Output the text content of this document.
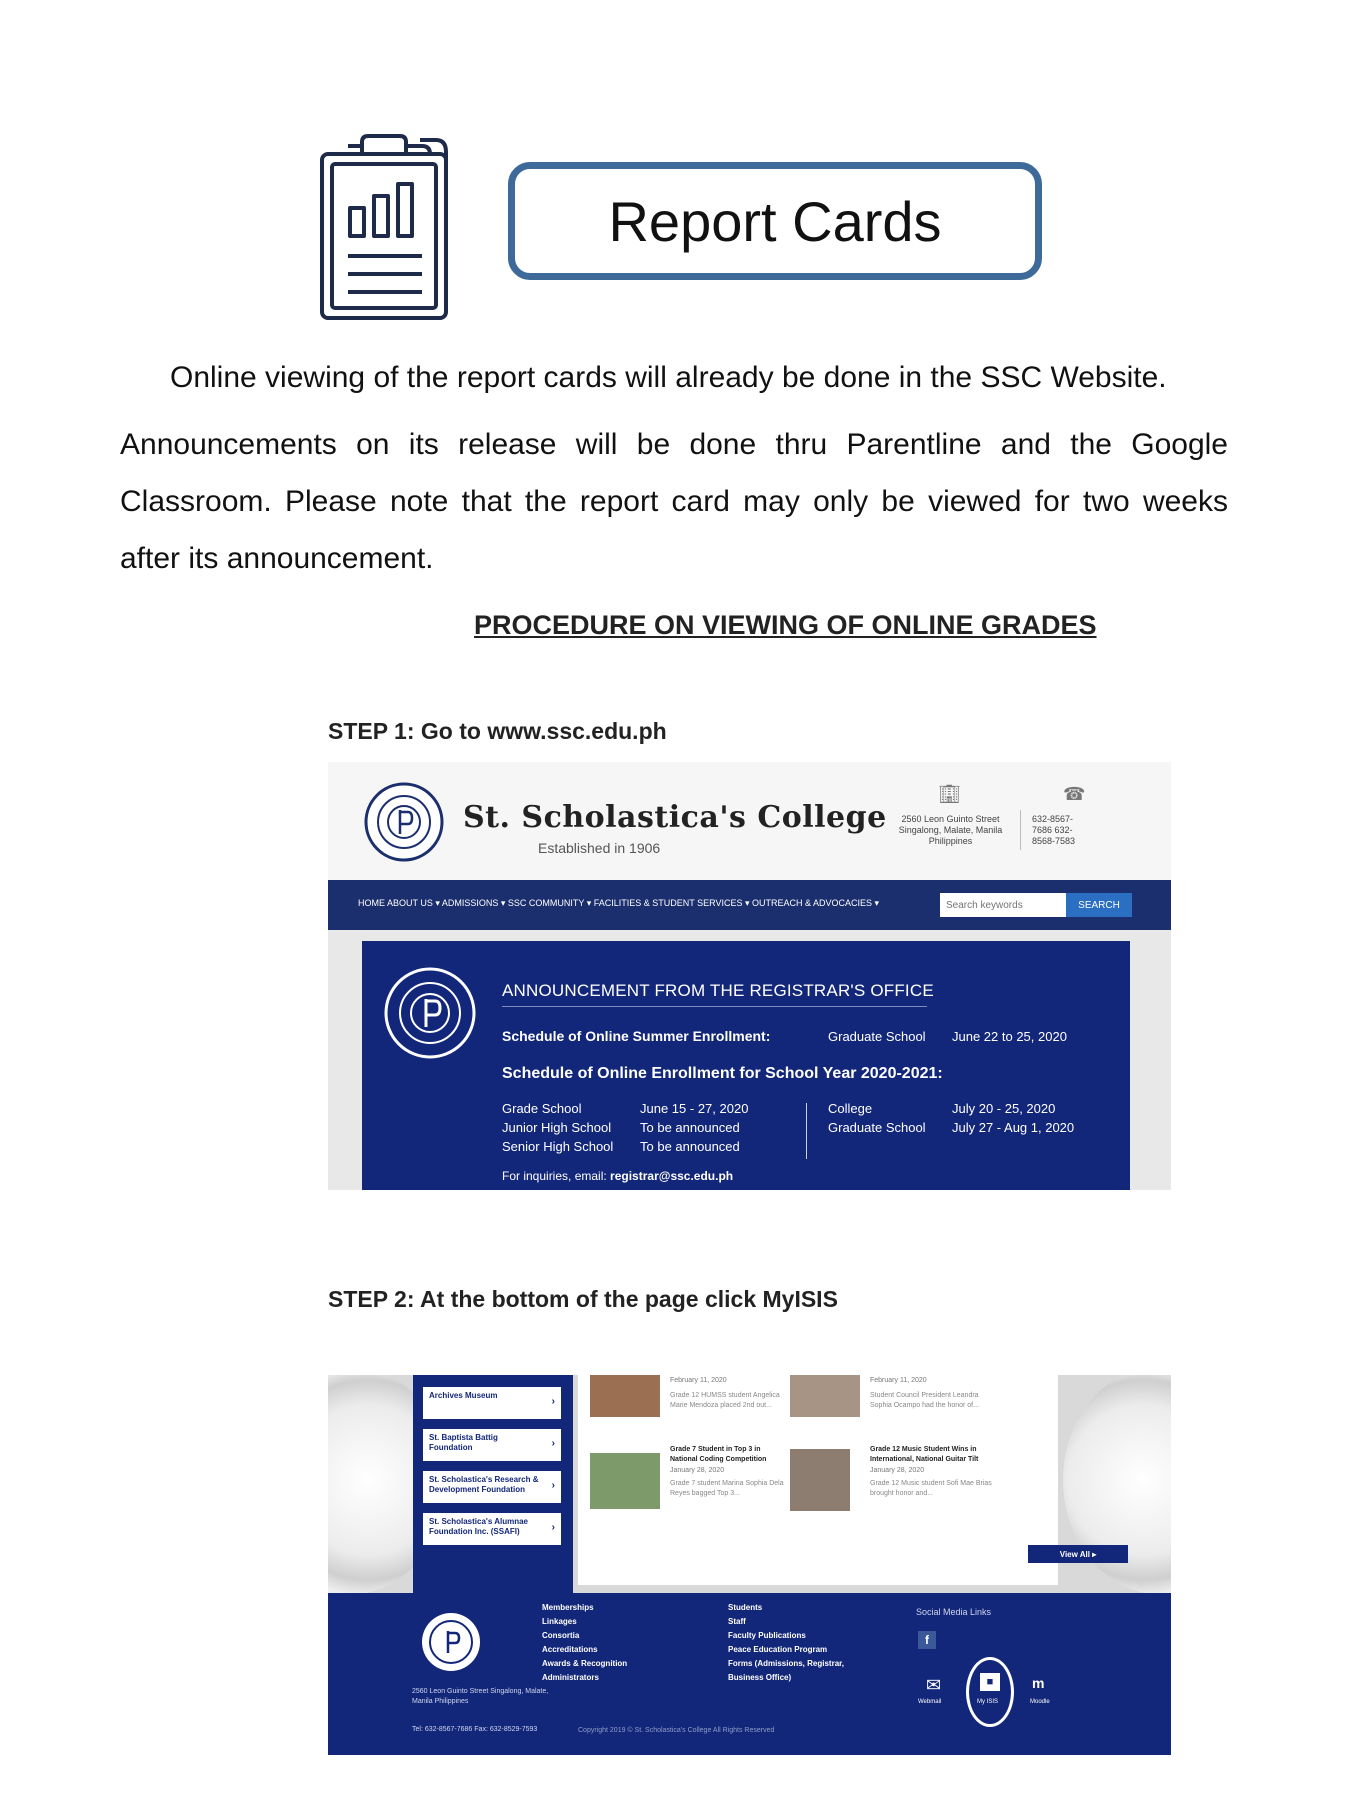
Report Cards
Online viewing of the report cards will already be done in the SSC Website.
Announcements on its release will be done thru Parentline and the Google Classroom. Please note that the report card may only be viewed for two weeks after its announcement.
PROCEDURE ON VIEWING OF ONLINE GRADES
STEP 1: Go to www.ssc.edu.ph
St. Scholastica's College
Established in 1906
🏢︎
2560 Leon Guinto Street Singalong, Malate, Manila Philippines
☎
632-8567-7686 632-8568-7583
HOME ABOUT US ▾ ADMISSIONS ▾ SSC COMMUNITY ▾ FACILITIES & STUDENT SERVICES ▾ OUTREACH & ADVOCACIES ▾
Search keywords	SEARCH
ANNOUNCEMENT FROM THE REGISTRAR'S OFFICE
Schedule of Online Summer Enrollment:	Graduate School June 22 to 25, 2020
Schedule of Online Enrollment for School Year 2020-2021:
Grade School	June 15 - 27, 2020
Junior High School To be announced
Senior High School To be announced
College	July 20 - 25, 2020
Graduate School July 27 - Aug 1, 2020
For inquiries, email: registrar@ssc.edu.ph
STEP 2: At the bottom of the page click MyISIS
Archives Museum
›
St. Baptista Battig Foundation	›
St. Scholastica's Research & Development Foundation	›
St. Scholastica's Alumnae Foundation Inc. (SSAFI)	›
February 11, 2020
Grade 12 HUMSS student Angelica Marie Mendoza placed 2nd out...
February 11, 2020
Student Council President Leandra Sophia Ocampo had the honor of...
Grade 7 Student in Top 3 in National Coding Competition
January 28, 2020
Grade 7 student Marina Sophia Dela Reyes bagged Top 3...
Grade 12 Music Student Wins in International, National Guitar Tilt
January 28, 2020
Grade 12 Music student Sofi Mae Brias brought honor and...
View All ▸
2560 Leon Guinto Street Singalong, Malate, Manila Philippines
Tel: 632-8567-7686 Fax: 632-8529-7593
Memberships
Linkages
Consortia
Accreditations
Awards & Recognition
Administrators
Students
Staff
Faculty Publications
Peace Education Program
Forms (Admissions, Registrar,
Business Office)
Social Media Links
f
✉
Webmail
■
My ISIS
m
Moodle
Copyright 2019 © St. Scholastica's College All Rights Reserved
